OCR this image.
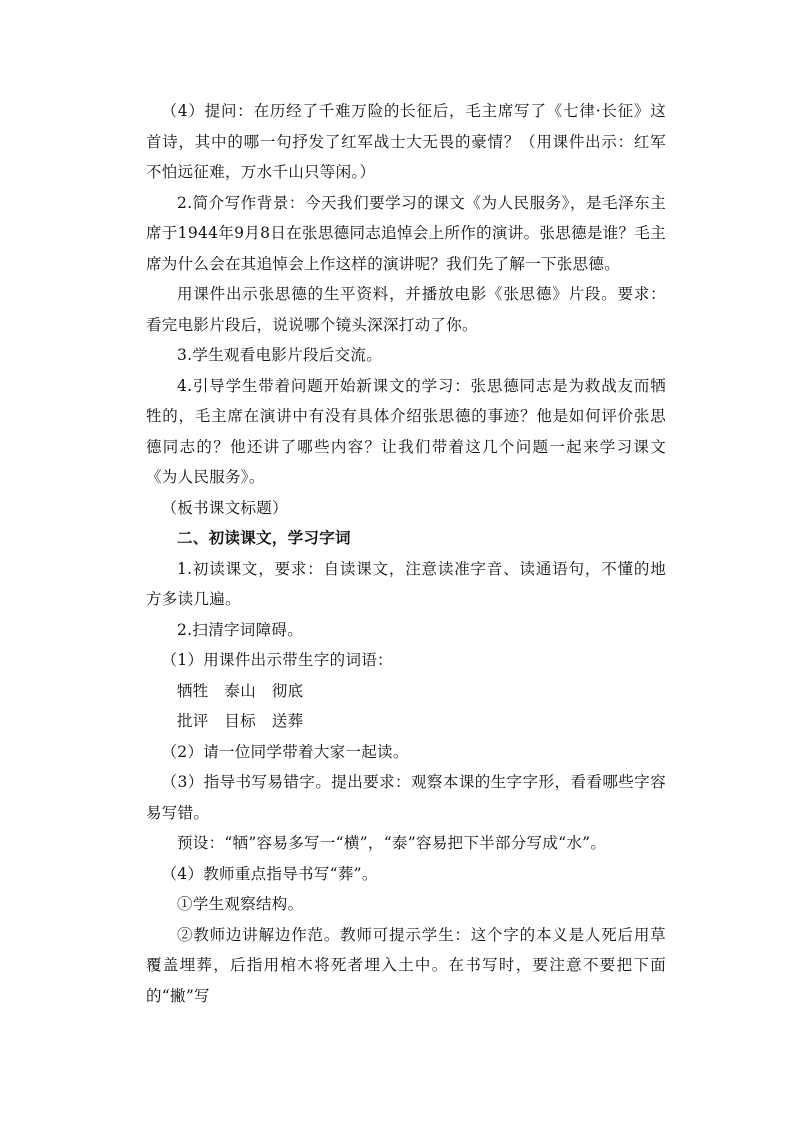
（4）提问：在历经了千难万险的长征后，毛主席写了《七律·长征》这首诗，其中的哪一句抒发了红军战士大无畏的豪情？（用课件出示：红军不怕远征难，万水千山只等闲。）

2.简介写作背景：今天我们要学习的课文《为人民服务》，是毛泽东主席于1944年9月8日在张思德同志追悼会上所作的演讲。张思德是谁？毛主席为什么会在其追悼会上作这样的演讲呢？我们先了解一下张思德。

用课件出示张思德的生平资料，并播放电影《张思德》片段。要求：看完电影片段后，说说哪个镜头深深打动了你。

3.学生观看电影片段后交流。

4.引导学生带着问题开始新课文的学习：张思德同志是为救战友而牺牲的，毛主席在演讲中有没有具体介绍张思德的事迹？他是如何评价张思德同志的？他还讲了哪些内容？让我们带着这几个问题一起来学习课文《为人民服务》。

（板书课文标题）

二、初读课文，学习字词

1.初读课文，要求：自读课文，注意读准字音、读通语句，不懂的地方多读几遍。

2.扫清字词障碍。

（1）用课件出示带生字的词语：

牺牲　泰山　彻底

批评　目标　送葬

（2）请一位同学带着大家一起读。

（3）指导书写易错字。提出要求：观察本课的生字字形，看看哪些字容易写错。

预设：“牺”容易多写一“横”，“泰”容易把下半部分写成“水”。

（4）教师重点指导书写“葬”。

①学生观察结构。

②教师边讲解边作范。教师可提示学生：这个字的本义是人死后用草覆盖埋葬，后指用棺木将死者埋入土中。在书写时，要注意不要把下面的“撇”写
